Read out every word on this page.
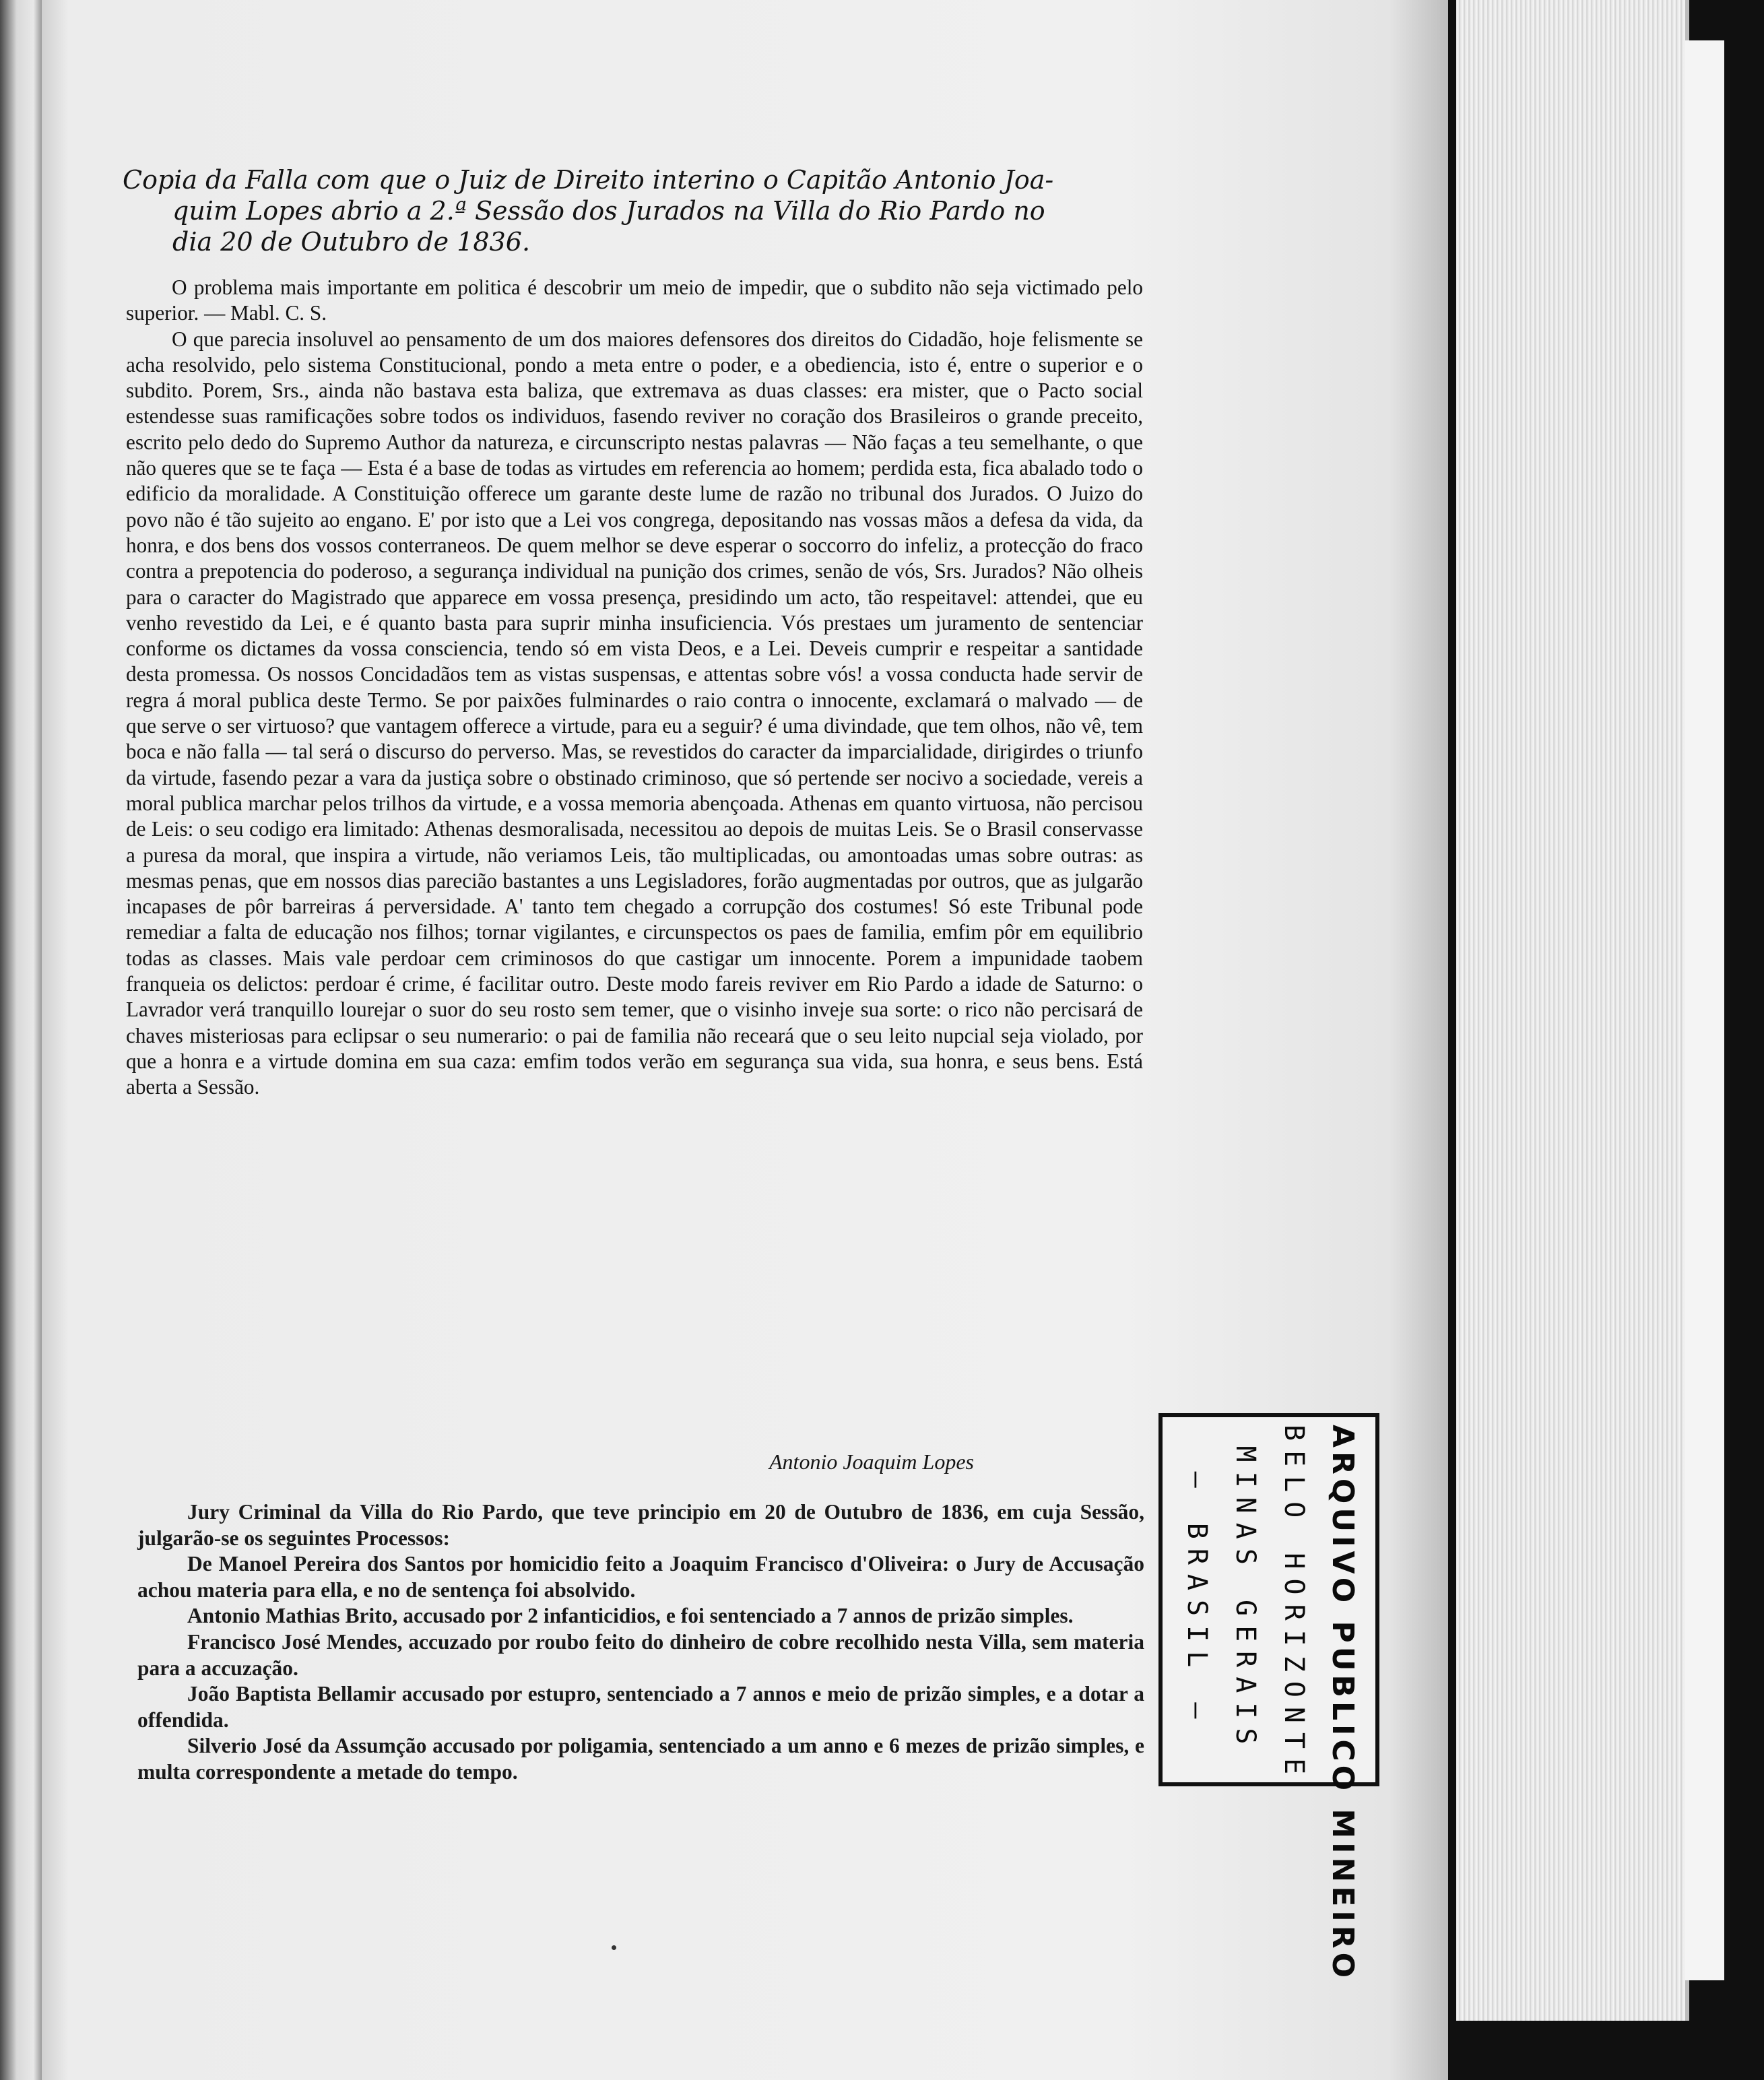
Copia da Falla com que o Juiz de Direito interino o Capitão Antonio Joa-
quim Lopes abrio a 2.ª Sessão dos Jurados na Villa do Rio Pardo no
dia 20 de Outubro de 1836.

O problema mais importante em politica é descobrir um meio de impedir, que o subdito não seja victimado pelo superior. — Mabl. C. S.

O que parecia insoluvel ao pensamento de um dos maiores defensores dos direitos do Cidadão, hoje felismente se acha resolvido, pelo sistema Constitucional, pondo a meta entre o poder, e a obediencia, isto é, entre o superior e o subdito. Porem, Srs., ainda não bastava esta baliza, que extremava as duas classes: era mister, que o Pacto social estendesse suas ramificações sobre todos os individuos, fasendo reviver no coração dos Brasileiros o grande preceito, escrito pelo dedo do Supremo Author da natureza, e circunscripto nestas palavras — Não faças a teu semelhante, o que não queres que se te faça — Esta é a base de todas as virtudes em referencia ao homem; perdida esta, fica abalado todo o edificio da moralidade. A Constituição offerece um garante deste lume de razão no tribunal dos Jurados. O Juizo do povo não é tão sujeito ao engano. E' por isto que a Lei vos congrega, depositando nas vossas mãos a defesa da vida, da honra, e dos bens dos vossos conterraneos. De quem melhor se deve esperar o soccorro do infeliz, a protecção do fraco contra a prepotencia do poderoso, a segurança individual na punição dos crimes, senão de vós, Srs. Jurados? Não olheis para o caracter do Magistrado que apparece em vossa presença, presidindo um acto, tão respeitavel: attendei, que eu venho revestido da Lei, e é quanto basta para suprir minha insuficiencia. Vós prestaes um juramento de sentenciar conforme os dictames da vossa consciencia, tendo só em vista Deos, e a Lei. Deveis cumprir e respeitar a santidade desta promessa. Os nossos Concidadãos tem as vistas suspensas, e attentas sobre vós! a vossa conducta hade servir de regra á moral publica deste Termo. Se por paixões fulminardes o raio contra o innocente, exclamará o malvado — de que serve o ser virtuoso? que vantagem offerece a virtude, para eu a seguir? é uma divindade, que tem olhos, não vê, tem boca e não falla — tal será o discurso do perverso. Mas, se revestidos do caracter da imparcialidade, dirigirdes o triunfo da virtude, fasendo pezar a vara da justiça sobre o obstinado criminoso, que só pertende ser nocivo a sociedade, vereis a moral publica marchar pelos trilhos da virtude, e a vossa memoria abençoada. Athenas em quanto virtuosa, não percisou de Leis: o seu codigo era limitado: Athenas desmoralisada, necessitou ao depois de muitas Leis. Se o Brasil conservasse a puresa da moral, que inspira a virtude, não veriamos Leis, tão multiplicadas, ou amontoadas umas sobre outras: as mesmas penas, que em nossos dias parecião bastantes a uns Legisladores, forão augmentadas por outros, que as julgarão incapases de pôr barreiras á perversidade. A' tanto tem chegado a corrupção dos costumes! Só este Tribunal pode remediar a falta de educação nos filhos; tornar vigilantes, e circunspectos os paes de familia, emfim pôr em equilibrio todas as classes. Mais vale perdoar cem criminosos do que castigar um innocente. Porem a impunidade taobem franqueia os delictos: perdoar é crime, é facilitar outro. Deste modo fareis reviver em Rio Pardo a idade de Saturno: o Lavrador verá tranquillo lourejar o suor do seu rosto sem temer, que o visinho inveje sua sorte: o rico não percisará de chaves misteriosas para eclipsar o seu numerario: o pai de familia não receará que o seu leito nupcial seja violado, por que a honra e a virtude domina em sua caza: emfim todos verão em segurança sua vida, sua honra, e seus bens. Está aberta a Sessão.

Antonio Joaquim Lopes

Jury Criminal da Villa do Rio Pardo, que teve principio em 20 de Outubro de 1836, em cuja Sessão, julgarão-se os seguintes Processos:

De Manoel Pereira dos Santos por homicidio feito a Joaquim Francisco d'Oliveira: o Jury de Accusação achou materia para ella, e no de sentença foi absolvido.

Antonio Mathias Brito, accusado por 2 infanticidios, e foi sentenciado a 7 annos de prizão simples.

Francisco José Mendes, accuzado por roubo feito do dinheiro de cobre recolhido nesta Villa, sem materia para a accuzação.

João Baptista Bellamir accusado por estupro, sentenciado a 7 annos e meio de prizão simples, e a dotar a offendida.

Silverio José da Assumção accusado por poligamia, sentenciado a um anno e 6 mezes de prizão simples, e multa correspondente a metade do tempo.	ARQUIVO PUBLICO MINEIRO
BELO HORIZONTE
MINAS GERAIS
— BRASIL —
